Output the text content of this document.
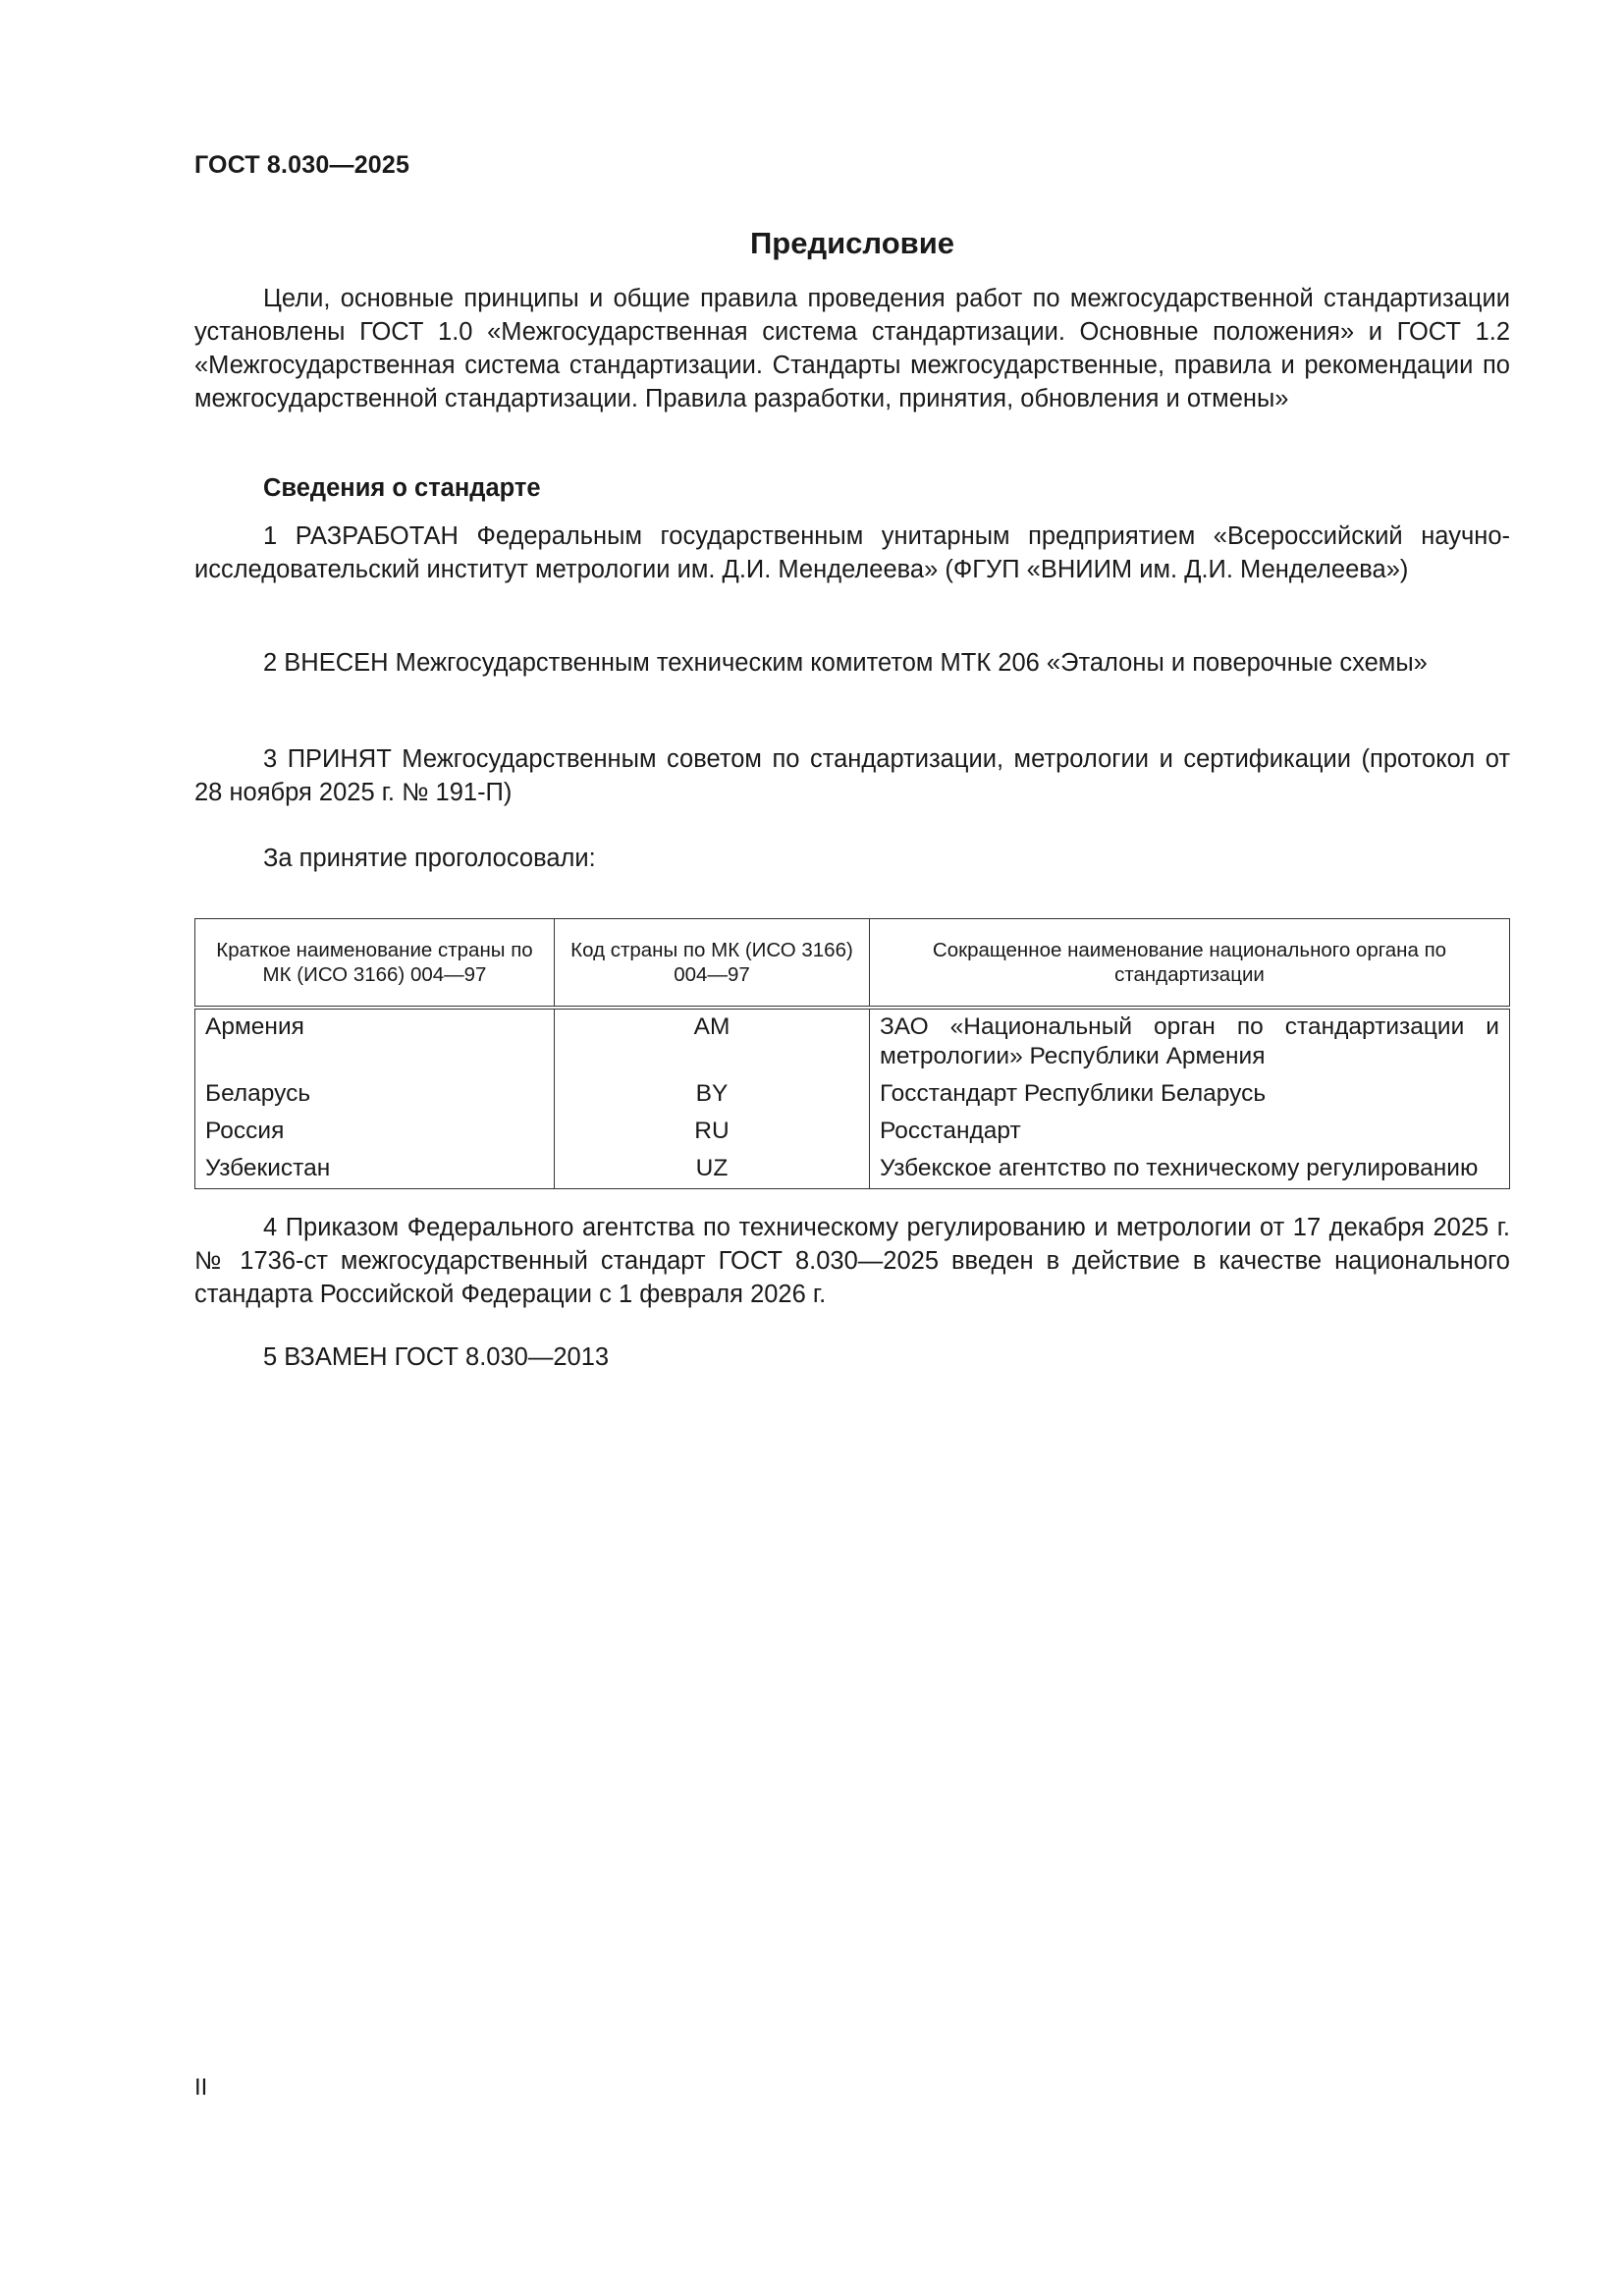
ГОСТ 8.030—2025
Предисловие

Цели, основные принципы и общие правила проведения работ по межгосударственной стандартизации установлены ГОСТ 1.0 «Межгосударственная система стандартизации. Основные положения» и ГОСТ 1.2 «Межгосударственная система стандартизации. Стандарты межгосударственные, правила и рекомендации по межгосударственной стандартизации. Правила разработки, принятия, обновления и отмены»

Сведения о стандарте

1 РАЗРАБОТАН Федеральным государственным унитарным предприятием «Всероссийский научно-исследовательский институт метрологии им. Д.И. Менделеева» (ФГУП «ВНИИМ им. Д.И. Менделеева»)

2 ВНЕСЕН Межгосударственным техническим комитетом МТК 206 «Эталоны и поверочные схемы»

3 ПРИНЯТ Межгосударственным советом по стандартизации, метрологии и сертификации (протокол от 28 ноября 2025 г. № 191-П)

За принятие проголосовали:

Краткое наименование страны по МК (ИСО 3166) 004—97	Код страны по МК (ИСО 3166) 004—97	Сокращенное наименование национального органа по стандартизации
Армения	AM	ЗАО «Национальный орган по стандартизации и метрологии» Республики Армения
Беларусь	BY	Госстандарт Республики Беларусь
Россия	RU	Росстандарт
Узбекистан	UZ	Узбекское агентство по техническому регулированию

4 Приказом Федерального агентства по техническому регулированию и метрологии от 17 декабря 2025 г. № 1736-ст межгосударственный стандарт ГОСТ 8.030—2025 введен в действие в качестве национального стандарта Российской Федерации с 1 февраля 2026 г.

5 ВЗАМЕН ГОСТ 8.030—2013

II
